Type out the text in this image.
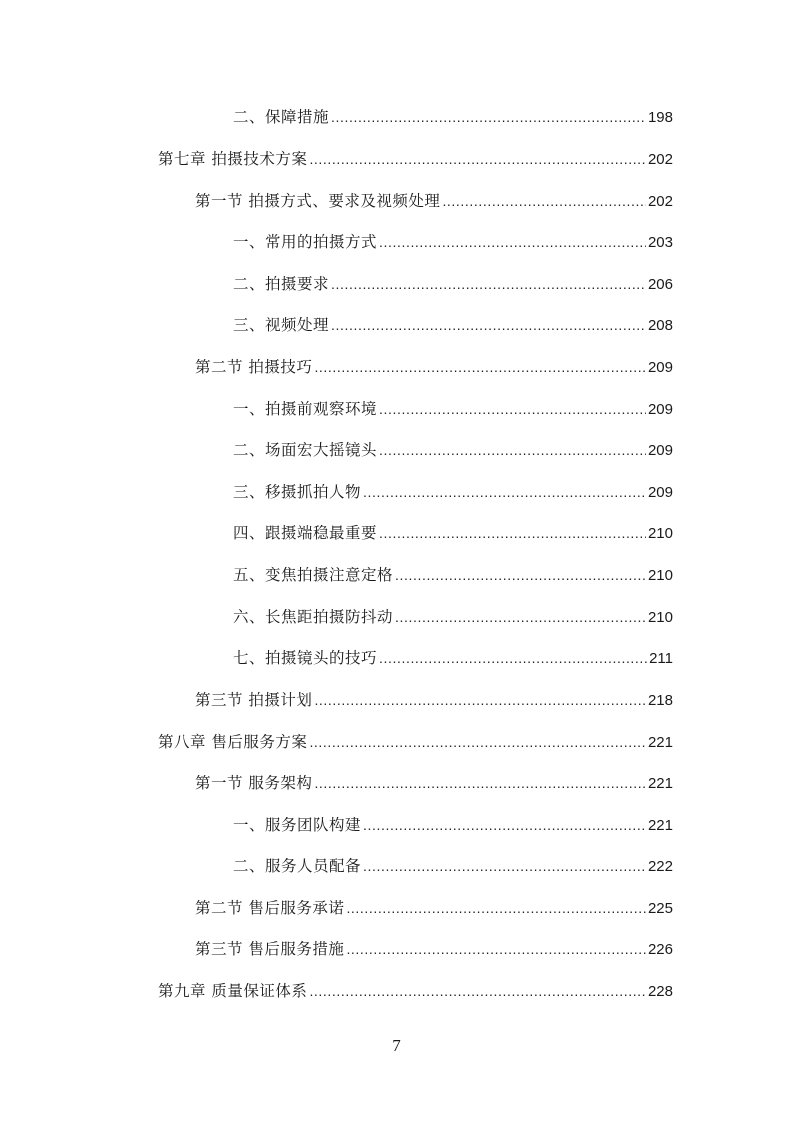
二、保障措施 .....	198
第七章 拍摄技术方案 .....	202
第一节 拍摄方式、要求及视频处理 .....	202
一、常用的拍摄方式 .....	203
二、拍摄要求 .....	206
三、视频处理 .....	208
第二节 拍摄技巧 .....	209
一、拍摄前观察环境 .....	209
二、场面宏大摇镜头 .....	209
三、移摄抓拍人物 .....	209
四、跟摄端稳最重要 .....	210
五、变焦拍摄注意定格 .....	210
六、长焦距拍摄防抖动 .....	210
七、拍摄镜头的技巧 .....	211
第三节 拍摄计划 .....	218
第八章 售后服务方案 .....	221
第一节 服务架构 .....	221
一、服务团队构建 .....	221
二、服务人员配备 .....	222
第二节 售后服务承诺 .....	225
第三节 售后服务措施 .....	226
第九章 质量保证体系 .....	228
7
